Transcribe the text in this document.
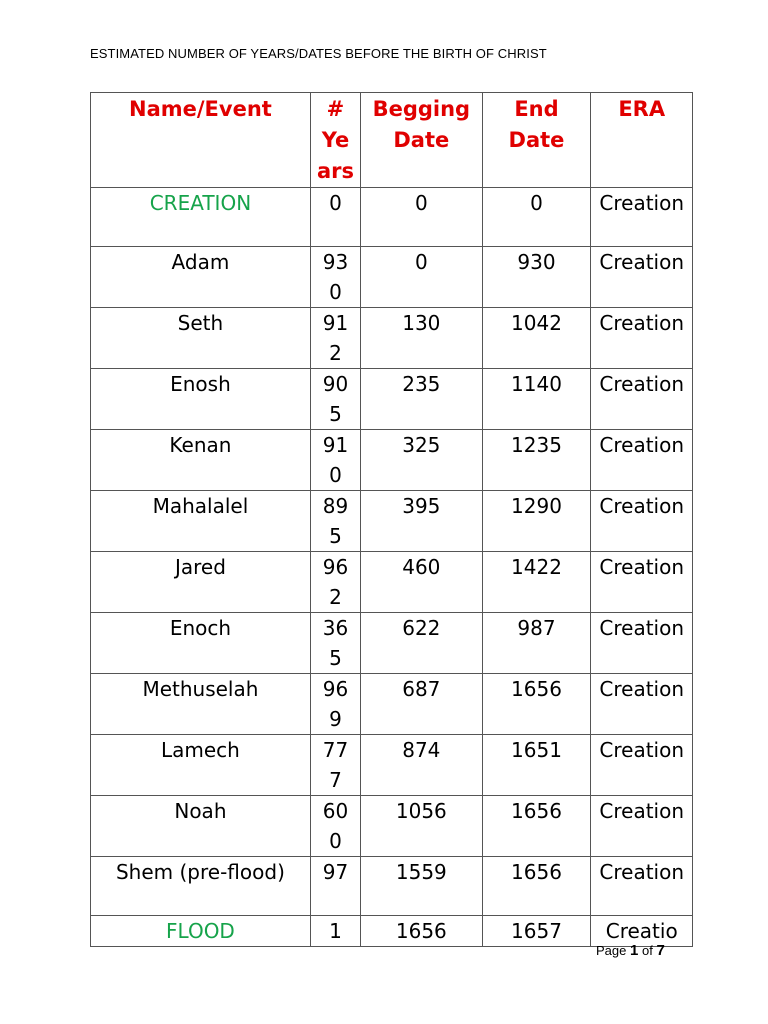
ESTIMATED NUMBER OF YEARS/DATES BEFORE THE BIRTH OF CHRIST
Name/Event	# Years	Begging Date	End Date	ERA
CREATION	0	0	0	Creation
Adam	930	0	930	Creation
Seth	912	130	1042	Creation
Enosh	905	235	1140	Creation
Kenan	910	325	1235	Creation
Mahalalel	895	395	1290	Creation
Jared	962	460	1422	Creation
Enoch	365	622	987	Creation
Methuselah	969	687	1656	Creation
Lamech	777	874	1651	Creation
Noah	600	1056	1656	Creation
Shem (pre-flood)	97	1559	1656	Creation
FLOOD	1	1656	1657	Creatio
Page 1 of 7
